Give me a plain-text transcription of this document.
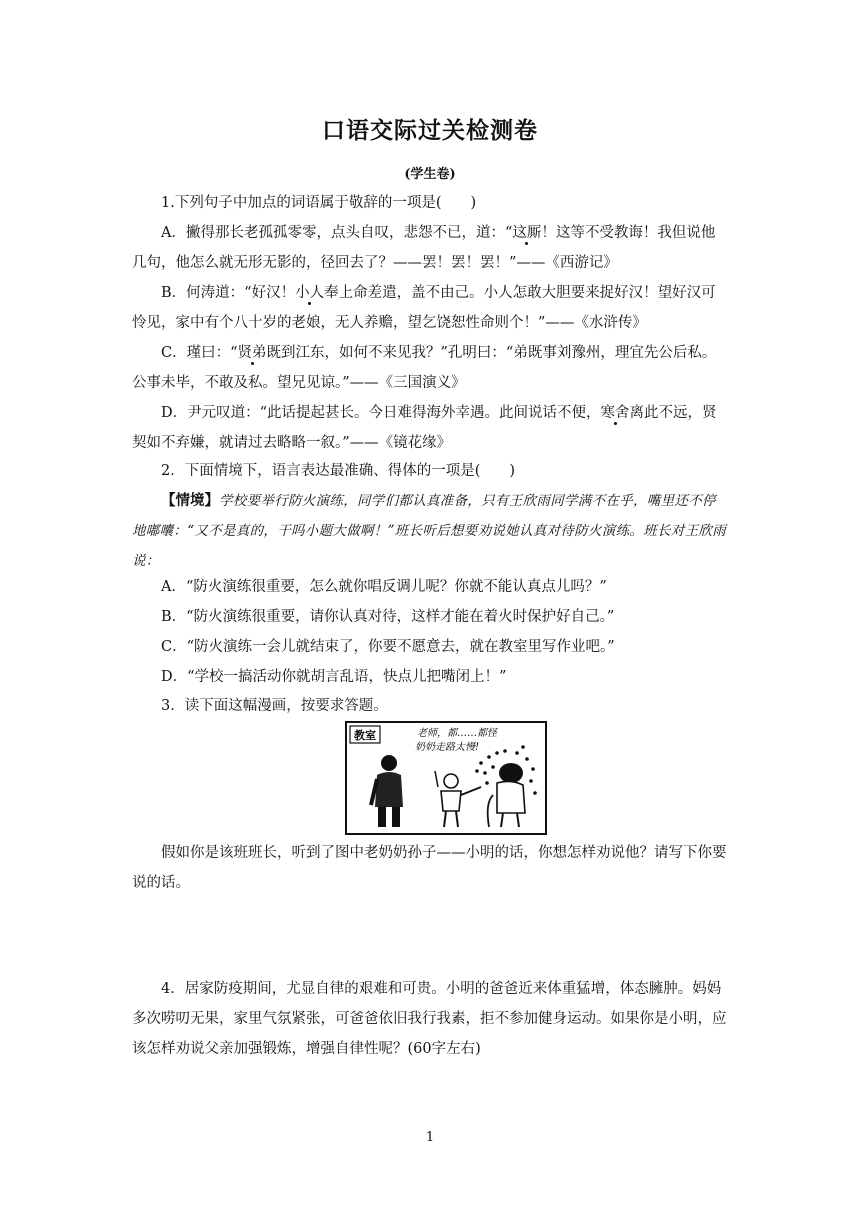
口语交际过关检测卷
(学生卷)
1.下列句子中加点的词语属于敬辞的一项是(　　)
A．撇得那长老孤孤零零，点头自叹，悲怨不已，道：“这厮！这等不受教诲！我但说他几句，他怎么就无形无影的，径回去了？——罢！罢！罢！”——《西游记》
B．何涛道：“好汉！小人奉上命差遣，盖不由己。小人怎敢大胆要来捉好汉！望好汉可怜见，家中有个八十岁的老娘，无人养赡，望乞饶恕性命则个！”——《水浒传》
C．瑾曰：“贤弟既到江东，如何不来见我？”孔明曰：“弟既事刘豫州，理宜先公后私。公事未毕，不敢及私。望兄见谅。”——《三国演义》
D．尹元叹道：“此话提起甚长。今日难得海外幸遇。此间说话不便，寒舍离此不远，贤契如不弃嫌，就请过去略略一叙。”——《镜花缘》
2．下面情境下，语言表达最准确、得体的一项是(　　)
【情境】学校要举行防火演练，同学们都认真准备，只有王欣雨同学满不在乎，嘴里还不停地嘟囔：“又不是真的，干吗小题大做啊！”班长听后想要劝说她认真对待防火演练。班长对王欣雨说：
A．“防火演练很重要，怎么就你唱反调儿呢？你就不能认真点儿吗？”
B．“防火演练很重要，请你认真对待，这样才能在着火时保护好自己。”
C．“防火演练一会儿就结束了，你要不愿意去，就在教室里写作业吧。”
D．“学校一搞活动你就胡言乱语，快点儿把嘴闭上！”
3．读下面这幅漫画，按要求答题。
教室	老师，都……都怪
奶奶走路太慢!
假如你是该班班长，听到了图中老奶奶孙子——小明的话，你想怎样劝说他？请写下你要说的话。
4．居家防疫期间，尤显自律的艰难和可贵。小明的爸爸近来体重猛增，体态臃肿。妈妈多次唠叨无果，家里气氛紧张，可爸爸依旧我行我素，拒不参加健身运动。如果你是小明，应该怎样劝说父亲加强锻炼，增强自律性呢？(60字左右)
1
